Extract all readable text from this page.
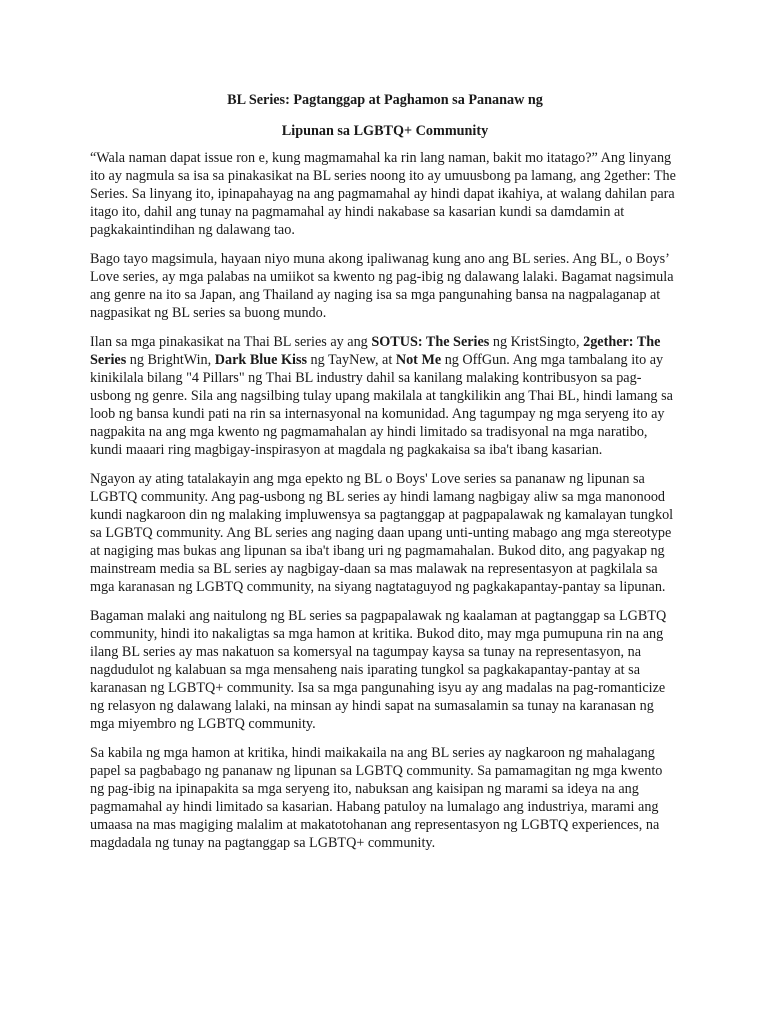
BL Series: Pagtanggap at Paghamon sa Pananaw ng
Lipunan sa LGBTQ+ Community

“Wala naman dapat issue ron e, kung magmamahal ka rin lang naman, bakit mo itatago?” Ang linyang ito ay nagmula sa isa sa pinakasikat na BL series noong ito ay umuusbong pa lamang, ang 2gether: The Series. Sa linyang ito, ipinapahayag na ang pagmamahal ay hindi dapat ikahiya, at walang dahilan para itago ito, dahil ang tunay na pagmamahal ay hindi nakabase sa kasarian kundi sa damdamin at pagkakaintindihan ng dalawang tao.

Bago tayo magsimula, hayaan niyo muna akong ipaliwanag kung ano ang BL series. Ang BL, o Boys’ Love series, ay mga palabas na umiikot sa kwento ng pag-ibig ng dalawang lalaki. Bagamat nagsimula ang genre na ito sa Japan, ang Thailand ay naging isa sa mga pangunahing bansa na nagpalaganap at nagpasikat ng BL series sa buong mundo.

Ilan sa mga pinakasikat na Thai BL series ay ang SOTUS: The Series ng KristSingto, 2gether: The Series ng BrightWin, Dark Blue Kiss ng TayNew, at Not Me ng OffGun. Ang mga tambalang ito ay kinikilala bilang "4 Pillars" ng Thai BL industry dahil sa kanilang malaking kontribusyon sa pag-usbong ng genre. Sila ang nagsilbing tulay upang makilala at tangkilikin ang Thai BL, hindi lamang sa loob ng bansa kundi pati na rin sa internasyonal na komunidad. Ang tagumpay ng mga seryeng ito ay nagpakita na ang mga kwento ng pagmamahalan ay hindi limitado sa tradisyonal na mga naratibo, kundi maaari ring magbigay-inspirasyon at magdala ng pagkakaisa sa iba't ibang kasarian.

Ngayon ay ating tatalakayin ang mga epekto ng BL o Boys' Love series sa pananaw ng lipunan sa LGBTQ community. Ang pag-usbong ng BL series ay hindi lamang nagbigay aliw sa mga manonood kundi nagkaroon din ng malaking impluwensya sa pagtanggap at pagpapalawak ng kamalayan tungkol sa LGBTQ community. Ang BL series ang naging daan upang unti-unting mabago ang mga stereotype at nagiging mas bukas ang lipunan sa iba't ibang uri ng pagmamahalan. Bukod dito, ang pagyakap ng mainstream media sa BL series ay nagbigay-daan sa mas malawak na representasyon at pagkilala sa mga karanasan ng LGBTQ community, na siyang nagtataguyod ng pagkakapantay-pantay sa lipunan.

Bagaman malaki ang naitulong ng BL series sa pagpapalawak ng kaalaman at pagtanggap sa LGBTQ community, hindi ito nakaligtas sa mga hamon at kritika. Bukod dito, may mga pumupuna rin na ang ilang BL series ay mas nakatuon sa komersyal na tagumpay kaysa sa tunay na representasyon, na nagdudulot ng kalabuan sa mga mensaheng nais iparating tungkol sa pagkakapantay-pantay at sa karanasan ng LGBTQ+ community. Isa sa mga pangunahing isyu ay ang madalas na pag-romanticize ng relasyon ng dalawang lalaki, na minsan ay hindi sapat na sumasalamin sa tunay na karanasan ng mga miyembro ng LGBTQ community.

Sa kabila ng mga hamon at kritika, hindi maikakaila na ang BL series ay nagkaroon ng mahalagang papel sa pagbabago ng pananaw ng lipunan sa LGBTQ community. Sa pamamagitan ng mga kwento ng pag-ibig na ipinapakita sa mga seryeng ito, nabuksan ang kaisipan ng marami sa ideya na ang pagmamahal ay hindi limitado sa kasarian. Habang patuloy na lumalago ang industriya, marami ang umaasa na mas magiging malalim at makatotohanan ang representasyon ng LGBTQ experiences, na magdadala ng tunay na pagtanggap sa LGBTQ+ community.
